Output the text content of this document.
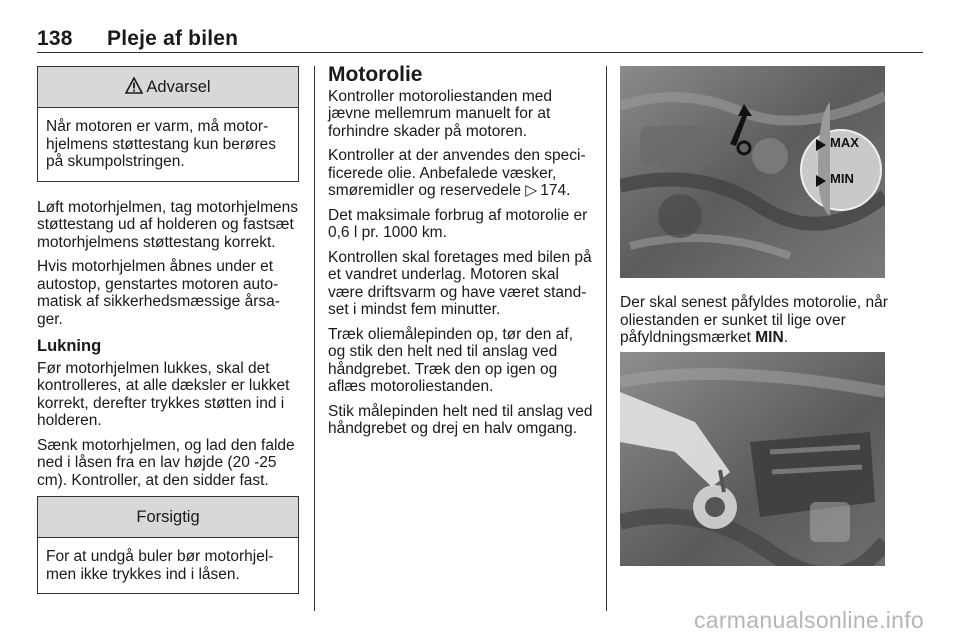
138 Pleje af bilen
Advarsel

Når motoren er varm, må motorhjelmens støttestang kun berøres på skumpolstringen.

Løft motorhjelmen, tag motorhjelmens støttestang ud af holderen og fastsæt motorhjelmens støttestang korrekt.

Hvis motorhjelmen åbnes under et autostop, genstartes motoren automatisk af sikkerhedsmæssige årsager.

Lukning

Før motorhjelmen lukkes, skal det kontrolleres, at alle dæksler er lukket korrekt, derefter trykkes støtten ind i holderen.

Sænk motorhjelmen, og lad den falde ned i låsen fra en lav højde (20 -25 cm). Kontroller, at den sidder fast.

Forsigtig

For at undgå buler bør motorhjelmen ikke trykkes ind i låsen.

Motorolie

Kontroller motoroliestanden med jævne mellemrum manuelt for at forhindre skader på motoren.

Kontroller at der anvendes den specificerede olie. Anbefalede væsker, smøremidler og reservedele ▷ 174.

Det maksimale forbrug af motorolie er 0,6 l pr. 1000 km.

Kontrollen skal foretages med bilen på et vandret underlag. Motoren skal være driftsvarm og have været standset i mindst fem minutter.

Træk oliemålepinden op, tør den af, og stik den helt ned til anslag ved håndgrebet. Træk den op igen og aflæs motoroliestanden.

Stik målepinden helt ned til anslag ved håndgrebet og drej en halv omgang.

MAX
MIN

Der skal senest påfyldes motorolie, når oliestanden er sunket til lige over påfyldningsmærket MIN.

carmanualsonline.info
